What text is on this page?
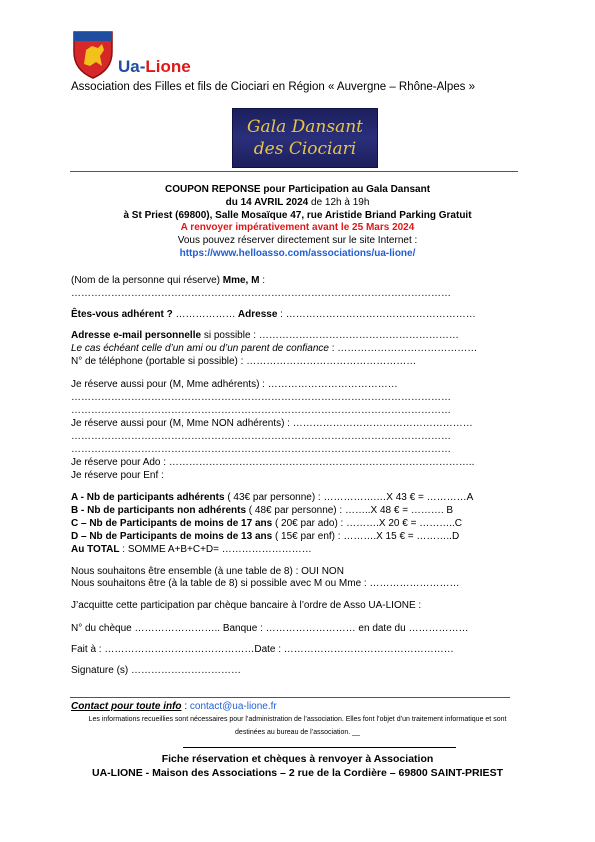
Ua-Lione
Association des Filles et fils de Ciociari en Région « Auvergne – Rhône-Alpes »
Gala Dansant
des Ciociari
COUPON REPONSE pour Participation au Gala Dansant
du 14 AVRIL 2024 de 12h à 19h
à St Priest (69800), Salle Mosaïque 47, rue Aristide Briand Parking Gratuit
A renvoyer impérativement avant le 25 Mars 2024
Vous pouvez réserver directement sur le site Internet :
https://www.helloasso.com/associations/ua-lione/
(Nom de la personne qui réserve) Mme, M :
……………………………………………………………………………………………………
Êtes-vous adhérent ? ……………… Adresse : …………………………………………………
Adresse e-mail personnelle si possible : ……………………………………………………
Le cas échéant celle d’un ami ou d’un parent de confiance : ……………………………………
N° de téléphone (portable si possible) : ……………………………………………
Je réserve aussi pour (M, Mme adhérents) : …………………………………
……………………………………………………………………………………………………
……………………………………………………………………………………………………
Je réserve aussi pour (M, Mme NON adhérents) : ………………………………………………
……………………………………………………………………………………………………
……………………………………………………………………………………………………
Je réserve pour Ado : ………………………………………………………………………………..
Je réserve pour Enf :
A - Nb de participants adhérents ( 43€ par personne) : …………….…X 43 € = …………A
B - Nb de participants non adhérents ( 48€ par personne) : ……..X 48 € = ………. B
C – Nb de Participants de moins de 17 ans ( 20€ par ado) : ……….X 20 € = ………..C
D – Nb de Participants de moins de 13 ans ( 15€ par enf) : ……….X 15 € = ………..D
Au TOTAL : SOMME A+B+C+D= ………………………
Nous souhaitons être ensemble (à une table de 8) : OUI NON
Nous souhaitons être (à la table de 8) si possible avec M ou Mme : ………………………
J’acquitte cette participation par chèque bancaire à l’ordre de Asso UA-LIONE :
N° du chèque …………………….. Banque : ……………………… en date du ………………
Fait à : ………………………………………Date : ……………………………………………
Signature (s) ……………………………
Contact pour toute info : contact@ua-lione.fr
Les informations recueillies sont nécessaires pour l’administration de l’association. Elles font l’objet d’un traitement informatique et sont
destinées au bureau de l’association. __
Fiche réservation et chèques à renvoyer à Association
UA-LIONE - Maison des Associations – 2 rue de la Cordière – 69800 SAINT-PRIEST
